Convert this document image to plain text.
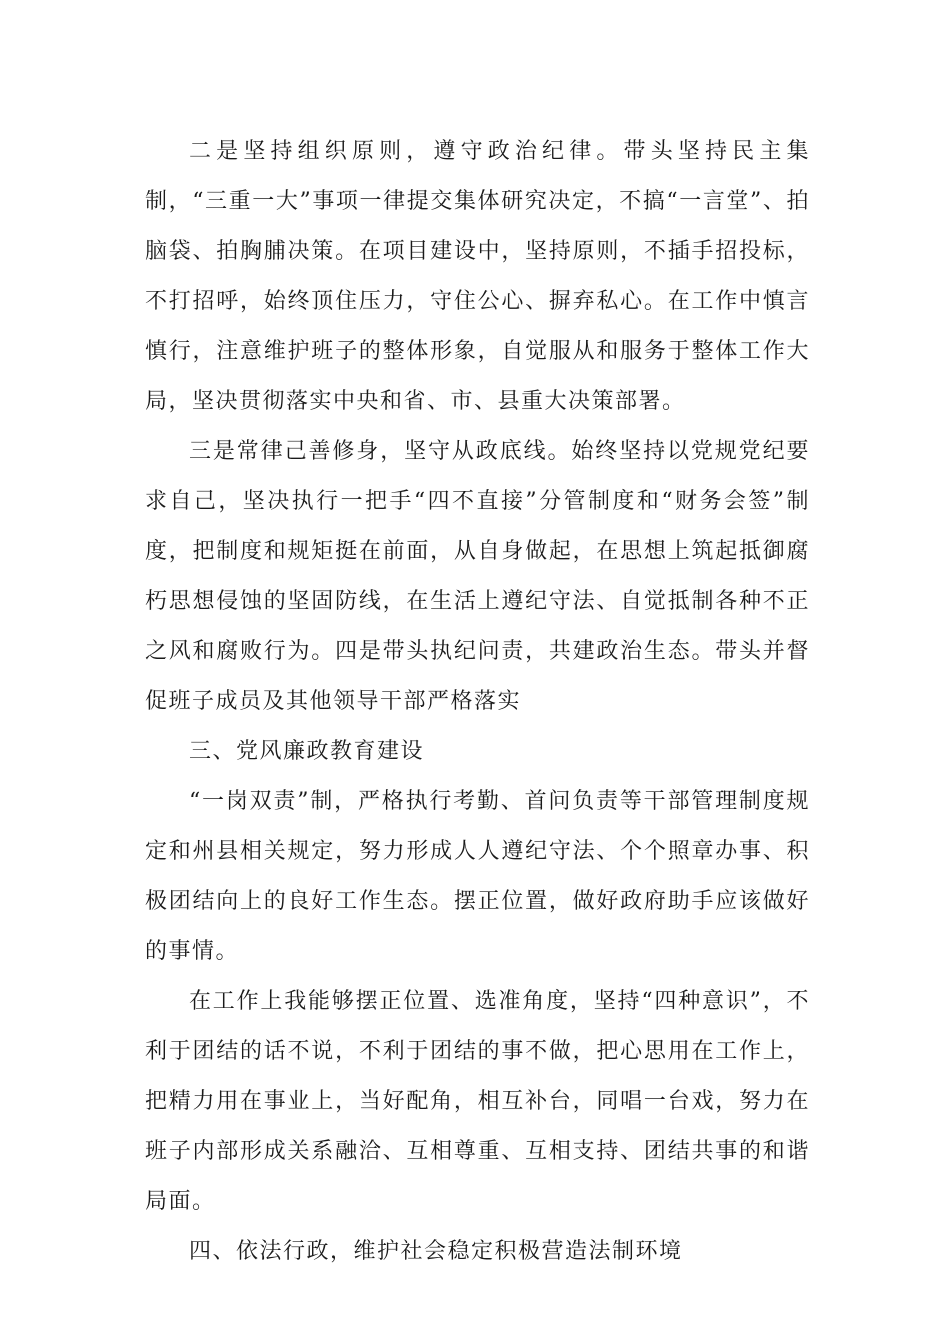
二是坚持组织原则，遵守政治纪律。带头坚持民主集制，“三重一大”事项一律提交集体研究决定，不搞“一言堂”、拍脑袋、拍胸脯决策。在项目建设中，坚持原则，不插手招投标，不打招呼，始终顶住压力，守住公心、摒弃私心。在工作中慎言慎行，注意维护班子的整体形象，自觉服从和服务于整体工作大局，坚决贯彻落实中央和省、市、县重大决策部署。

三是常律己善修身，坚守从政底线。始终坚持以党规党纪要求自己，坚决执行一把手“四不直接”分管制度和“财务会签”制度，把制度和规矩挺在前面，从自身做起，在思想上筑起抵御腐朽思想侵蚀的坚固防线，在生活上遵纪守法、自觉抵制各种不正之风和腐败行为。四是带头执纪问责，共建政治生态。带头并督促班子成员及其他领导干部严格落实

三、党风廉政教育建设

“一岗双责”制，严格执行考勤、首问负责等干部管理制度规定和州县相关规定，努力形成人人遵纪守法、个个照章办事、积极团结向上的良好工作生态。摆正位置，做好政府助手应该做好的事情。

在工作上我能够摆正位置、选准角度，坚持“四种意识”，不利于团结的话不说，不利于团结的事不做，把心思用在工作上，把精力用在事业上，当好配角，相互补台，同唱一台戏，努力在班子内部形成关系融洽、互相尊重、互相支持、团结共事的和谐局面。

四、依法行政，维护社会稳定积极营造法制环境
